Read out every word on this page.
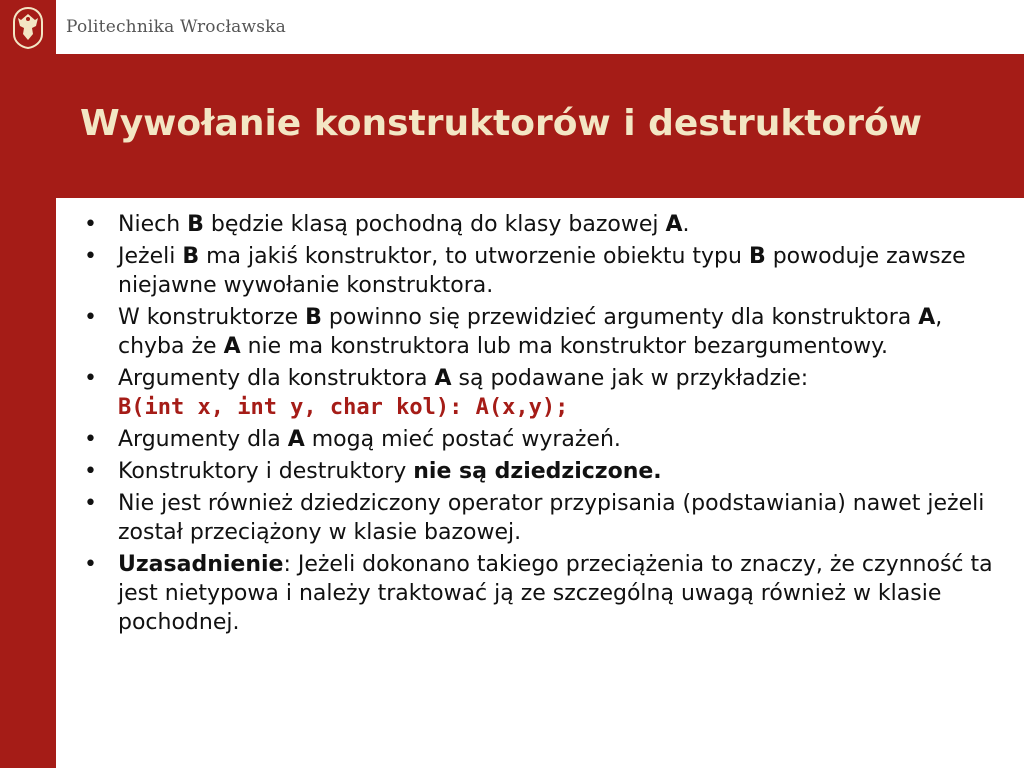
Politechnika Wrocławska
Wywołanie konstruktorów i destruktorów
• Niech B będzie klasą pochodną do klasy bazowej A.
• Jeżeli B ma jakiś konstruktor, to utworzenie obiektu typu B powoduje zawsze niejawne wywołanie konstruktora.
• W konstruktorze B powinno się przewidzieć argumenty dla konstruktora A, chyba że A nie ma konstruktora lub ma konstruktor bezargumentowy.
• Argumenty dla konstruktora A są podawane jak w przykładzie:
B(int x, int y, char kol): A(x,y);
• Argumenty dla A mogą mieć postać wyrażeń.
• Konstruktory i destruktory nie są dziedziczone.
• Nie jest również dziedziczony operator przypisania (podstawiania) nawet jeżeli został przeciążony w klasie bazowej.
• Uzasadnienie: Jeżeli dokonano takiego przeciążenia to znaczy, że czynność ta jest nietypowa i należy traktować ją ze szczególną uwagą również w klasie pochodnej.
